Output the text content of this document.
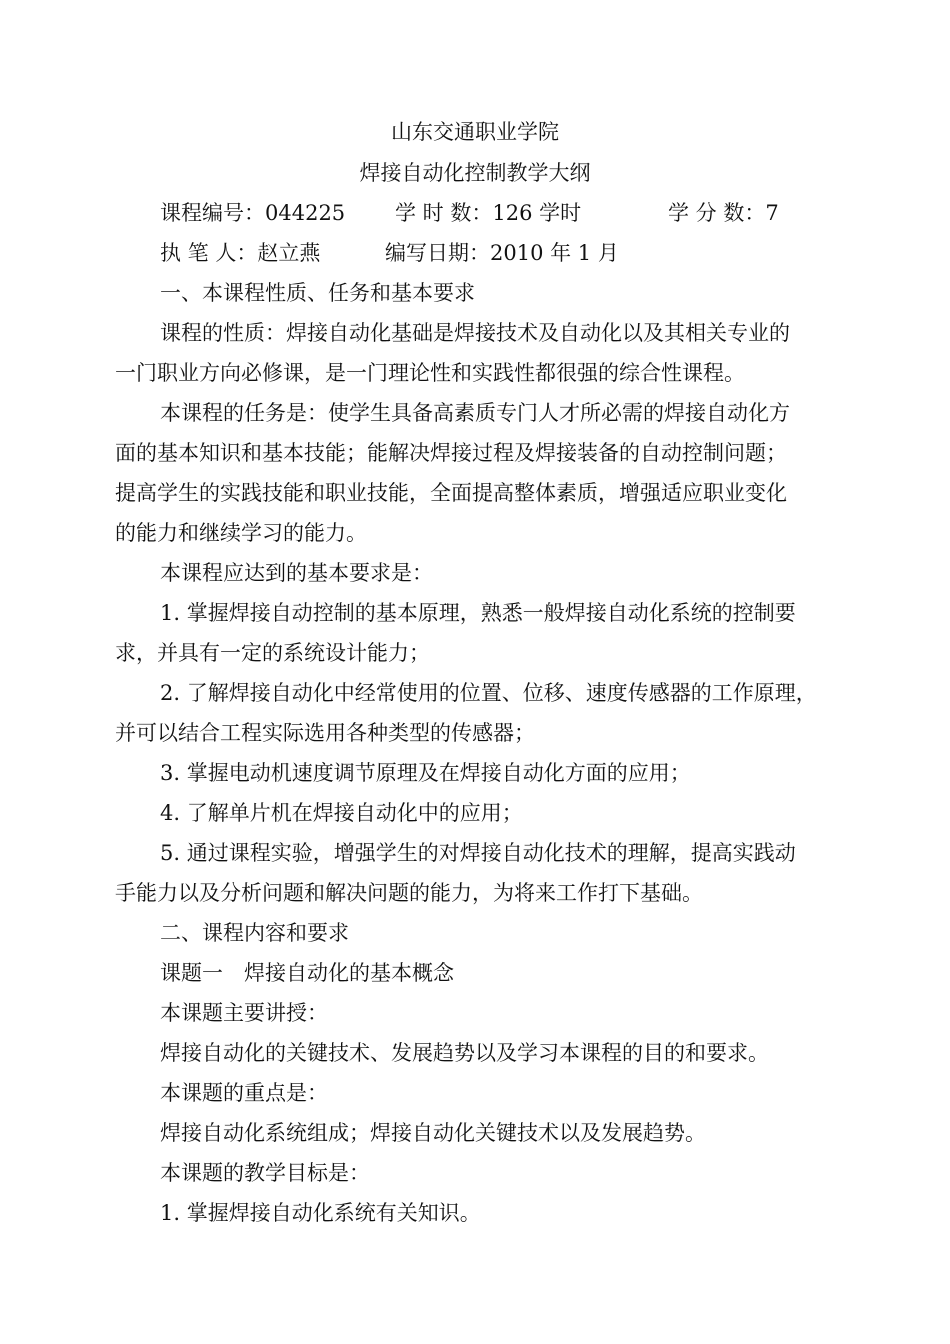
山东交通职业学院
焊接自动化控制教学大纲
课程编号：044225 学 时 数：126 学时	学 分 数：7
执 笔 人：赵立燕	编写日期：2010 年 1 月
一、本课程性质、任务和基本要求
课程的性质：焊接自动化基础是焊接技术及自动化以及其相关专业的
一门职业方向必修课，是一门理论性和实践性都很强的综合性课程。
本课程的任务是：使学生具备高素质专门人才所必需的焊接自动化方
面的基本知识和基本技能；能解决焊接过程及焊接装备的自动控制问题；
提高学生的实践技能和职业技能，全面提高整体素质，增强适应职业变化
的能力和继续学习的能力。
本课程应达到的基本要求是：
1. 掌握焊接自动控制的基本原理，熟悉一般焊接自动化系统的控制要
求，并具有一定的系统设计能力；
2. 了解焊接自动化中经常使用的位置、位移、速度传感器的工作原理，
并可以结合工程实际选用各种类型的传感器；
3. 掌握电动机速度调节原理及在焊接自动化方面的应用；
4. 了解单片机在焊接自动化中的应用；
5. 通过课程实验，增强学生的对焊接自动化技术的理解，提高实践动
手能力以及分析问题和解决问题的能力，为将来工作打下基础。
二、课程内容和要求
课题一　焊接自动化的基本概念
本课题主要讲授：
焊接自动化的关键技术、发展趋势以及学习本课程的目的和要求。
本课题的重点是：
焊接自动化系统组成；焊接自动化关键技术以及发展趋势。
本课题的教学目标是：
1. 掌握焊接自动化系统有关知识。
